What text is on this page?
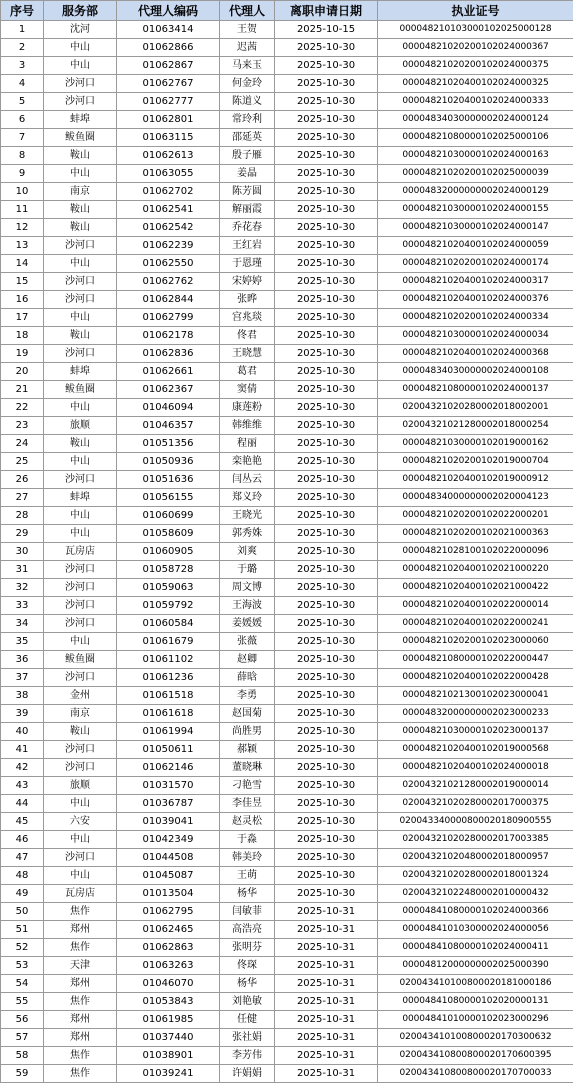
序号	服务部	代理人编码	代理人	离职申请日期	执业证号
1	沈河	01063414	王贺	2025-10-15	000048210103000102025000128
2	中山	01062866	迟茜	2025-10-30	00004821020200102024000367
3	中山	01062867	马来玉	2025-10-30	00004821020200102024000375
4	沙河口	01062767	何金玲	2025-10-30	00004821020400102024000325
5	沙河口	01062777	陈道义	2025-10-30	00004821020400102024000333
6	蚌埠	01062801	常玲利	2025-10-30	00004834030000002024000124
7	鲅鱼圈	01063115	邵延英	2025-10-30	00004821080000102025000106
8	鞍山	01062613	殷子雁	2025-10-30	00004821030000102024000163
9	中山	01063055	姜晶	2025-10-30	00004821020200102025000039
10	南京	01062702	陈芳圆	2025-10-30	00004832000000002024000129
11	鞍山	01062541	解丽霞	2025-10-30	00004821030000102024000155
12	鞍山	01062542	乔花春	2025-10-30	00004821030000102024000147
13	沙河口	01062239	王红岩	2025-10-30	00004821020400102024000059
14	中山	01062550	于恩瑾	2025-10-30	00004821020200102024000174
15	沙河口	01062762	宋婷婷	2025-10-30	00004821020400102024000317
16	沙河口	01062844	张晔	2025-10-30	00004821020400102024000376
17	中山	01062799	宫兆琰	2025-10-30	00004821020200102024000334
18	鞍山	01062178	佟君	2025-10-30	00004821030000102024000034
19	沙河口	01062836	王晓慧	2025-10-30	00004821020400102024000368
20	蚌埠	01062661	葛君	2025-10-30	00004834030000002024000108
21	鲅鱼圈	01062367	窦倩	2025-10-30	00004821080000102024000137
22	中山	01046094	康莲粉	2025-10-30	02004321020280002018002001
23	旅顺	01046357	韩维维	2025-10-30	02004321021280002018000254
24	鞍山	01051356	程丽	2025-10-30	00004821030000102019000162
25	中山	01050936	栾艳艳	2025-10-30	00004821020200102019000704
26	沙河口	01051636	闫丛云	2025-10-30	00004821020400102019000912
27	蚌埠	01056155	郑义玲	2025-10-30	00004834000000002020004123
28	中山	01060699	王晓光	2025-10-30	00004821020200102022000201
29	中山	01058609	郭秀姝	2025-10-30	00004821020200102021000363
30	瓦房店	01060905	刘爽	2025-10-30	00004821028100102022000096
31	沙河口	01058728	于璐	2025-10-30	00004821020400102021000220
32	沙河口	01059063	周文博	2025-10-30	00004821020400102021000422
33	沙河口	01059792	王海波	2025-10-30	00004821020400102022000014
34	沙河口	01060584	姜媛媛	2025-10-30	00004821020400102022000241
35	中山	01061679	张薇	2025-10-30	00004821020200102023000060
36	鲅鱼圈	01061102	赵卿	2025-10-30	00004821080000102022000447
37	沙河口	01061236	薛晗	2025-10-30	00004821020400102022000428
38	金州	01061518	李勇	2025-10-30	00004821021300102023000041
39	南京	01061618	赵国菊	2025-10-30	00004832000000002023000233
40	鞍山	01061994	尚胜男	2025-10-30	00004821030000102023000137
41	沙河口	01050611	郝颖	2025-10-30	00004821020400102019000568
42	沙河口	01062146	董晓琳	2025-10-30	00004821020400102024000018
43	旅顺	01031570	刁艳雪	2025-10-30	02004321021280002019000014
44	中山	01036787	李佳昱	2025-10-30	02004321020280002017000375
45	六安	01039041	赵灵松	2025-10-30	020043340000800020180900555
46	中山	01042349	于淼	2025-10-30	02004321020280002017003385
47	沙河口	01044508	韩美玲	2025-10-30	02004321020480002018000957
48	中山	01045087	王萌	2025-10-30	02004321020280002018001324
49	瓦房店	01013504	杨华	2025-10-30	02004321022480002010000432
50	焦作	01062795	闫敏菲	2025-10-31	00004841080000102024000366
51	郑州	01062465	高浩亮	2025-10-31	00004841010300002024000056
52	焦作	01062863	张明芬	2025-10-31	00004841080000102024000411
53	天津	01063263	佟琛	2025-10-31	00004812000000002025000390
54	郑州	01046070	杨华	2025-10-31	020043410100800020181000186
55	焦作	01053843	刘艳敏	2025-10-31	00004841080000102020000131
56	郑州	01061985	任健	2025-10-31	00004841010000102023000296
57	郑州	01037440	张社娟	2025-10-31	020043410100800020170300632
58	焦作	01038901	李芳伟	2025-10-31	020043410800800020170600395
59	焦作	01039241	许娟娟	2025-10-31	020043410800800020170700033
